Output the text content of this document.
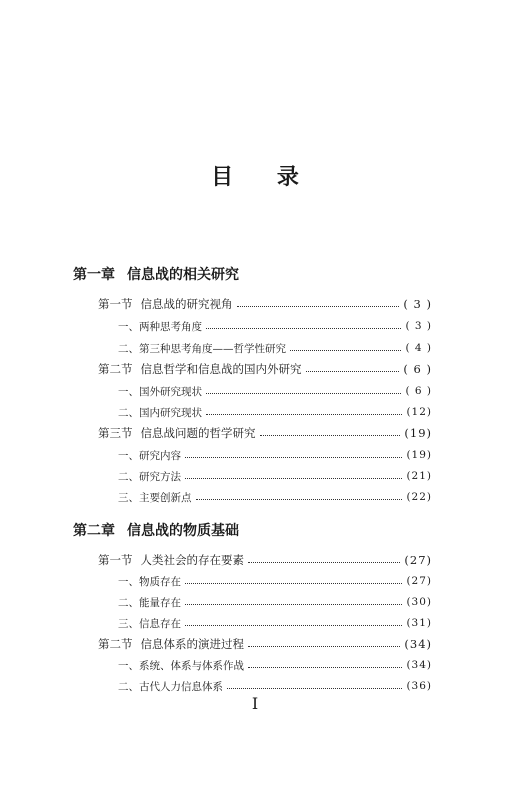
目 录
第一章 信息战的相关研究
第一节 信息战的研究视角	( 3 )
一、 两种思考角度	( 3 )
二、 第三种思考角度——哲学性研究	( 4 )
第二节 信息哲学和信息战的国内外研究	( 6 )
一、 国外研究现状	( 6 )
二、 国内研究现状	(12)
第三节 信息战问题的哲学研究	(19)
一、 研究内容	(19)
二、 研究方法	(21)
三、 主要创新点	(22)
第二章 信息战的物质基础
第一节 人类社会的存在要素	(27)
一、 物质存在	(27)
二、 能量存在	(30)
三、 信息存在	(31)
第二节 信息体系的演进过程	(34)
一、 系统、体系与体系作战	(34)
二、 古代人力信息体系	(36)
I
